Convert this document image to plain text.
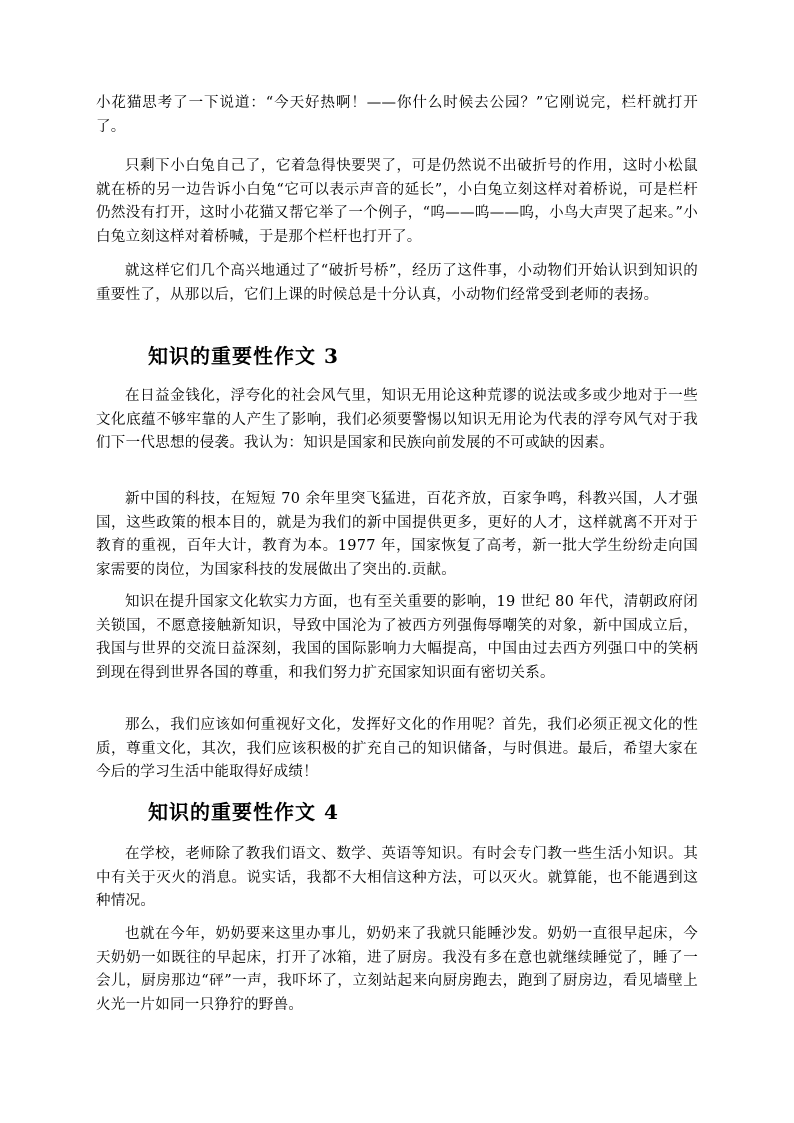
小花猫思考了一下说道：“今天好热啊！——你什么时候去公园？”它刚说完，栏杆就打开了。

只剩下小白兔自己了，它着急得快要哭了，可是仍然说不出破折号的作用，这时小松鼠就在桥的另一边告诉小白兔“它可以表示声音的延长”，小白兔立刻这样对着桥说，可是栏杆仍然没有打开，这时小花猫又帮它举了一个例子，“呜——呜——呜，小鸟大声哭了起来。”小白兔立刻这样对着桥喊，于是那个栏杆也打开了。

就这样它们几个高兴地通过了“破折号桥”，经历了这件事，小动物们开始认识到知识的重要性了，从那以后，它们上课的时候总是十分认真，小动物们经常受到老师的表扬。

知识的重要性作文 3

在日益金钱化，浮夸化的社会风气里，知识无用论这种荒谬的说法或多或少地对于一些文化底蕴不够牢靠的人产生了影响，我们必须要警惕以知识无用论为代表的浮夸风气对于我们下一代思想的侵袭。我认为：知识是国家和民族向前发展的不可或缺的因素。

新中国的科技，在短短 70 余年里突飞猛进，百花齐放，百家争鸣，科教兴国，人才强国，这些政策的根本目的，就是为我们的新中国提供更多，更好的人才，这样就离不开对于教育的重视，百年大计，教育为本。1977 年，国家恢复了高考，新一批大学生纷纷走向国家需要的岗位，为国家科技的发展做出了突出的.贡献。

知识在提升国家文化软实力方面，也有至关重要的影响，19 世纪 80 年代，清朝政府闭关锁国，不愿意接触新知识，导致中国沦为了被西方列强侮辱嘲笑的对象，新中国成立后，我国与世界的交流日益深刻，我国的国际影响力大幅提高，中国由过去西方列强口中的笑柄到现在得到世界各国的尊重，和我们努力扩充国家知识面有密切关系。

那么，我们应该如何重视好文化，发挥好文化的作用呢？首先，我们必须正视文化的性质，尊重文化，其次，我们应该积极的扩充自己的知识储备，与时俱进。最后，希望大家在今后的学习生活中能取得好成绩！

知识的重要性作文 4

在学校，老师除了教我们语文、数学、英语等知识。有时会专门教一些生活小知识。其中有关于灭火的消息。说实话，我都不大相信这种方法，可以灭火。就算能，也不能遇到这种情况。

也就在今年，奶奶要来这里办事儿，奶奶来了我就只能睡沙发。奶奶一直很早起床，今天奶奶一如既往的早起床，打开了冰箱，进了厨房。我没有多在意也就继续睡觉了，睡了一会儿，厨房那边“砰”一声，我吓坏了，立刻站起来向厨房跑去，跑到了厨房边，看见墙壁上火光一片如同一只狰狞的野兽。
